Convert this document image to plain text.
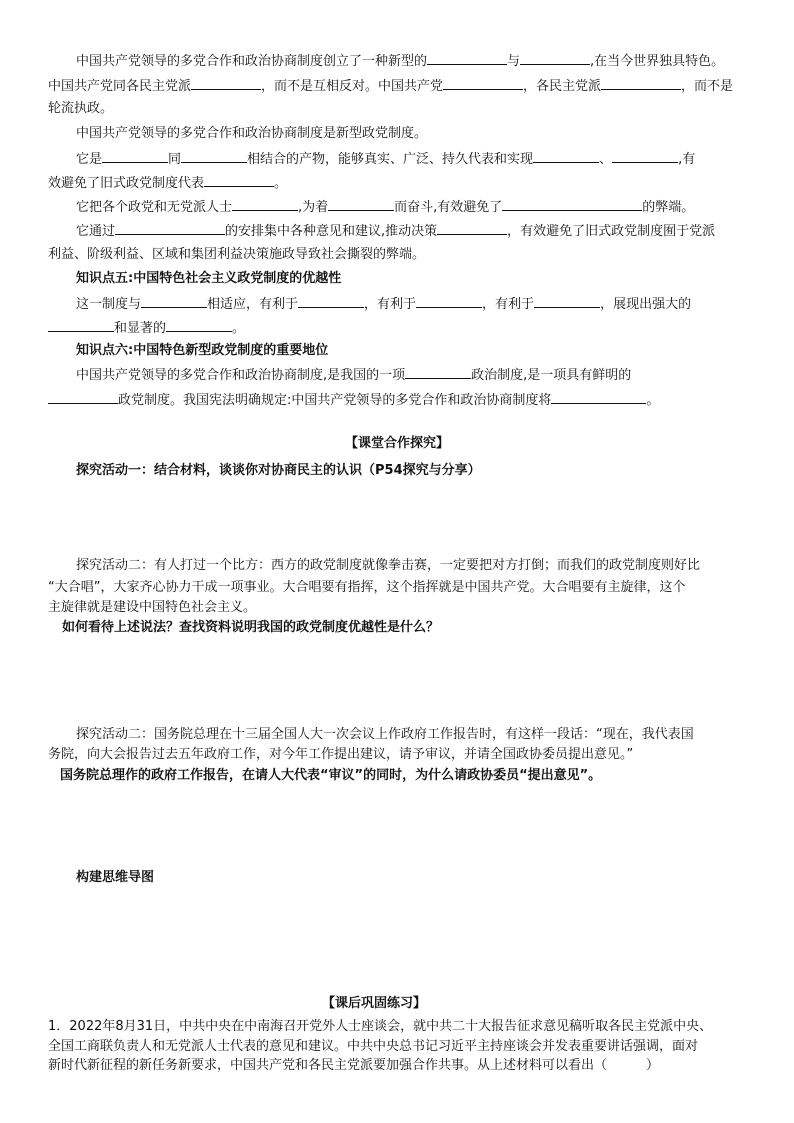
中国共产党领导的多党合作和政治协商制度创立了一种新型的	与	,在当今世界独具特色。
中国共产党同各民主党派	，而不是互相反对。中国共产党	，各民主党派	，而不是
轮流执政。
中国共产党领导的多党合作和政治协商制度是新型政党制度。
它是	同	相结合的产物，能够真实、广泛、持久代表和实现	、	,有
效避免了旧式政党制度代表	。
它把各个政党和无党派人士	,为着	而奋斗,有效避免了	的弊端。
它通过	的安排集中各种意见和建议,推动决策	，有效避免了旧式政党制度囿于党派
利益、阶级利益、区域和集团利益决策施政导致社会撕裂的弊端。
知识点五:中国特色社会主义政党制度的优越性
这一制度与	相适应，有利于	，有利于	，有利于	，展现出强大的
和显著的	。
知识点六:中国特色新型政党制度的重要地位
中国共产党领导的多党合作和政治协商制度,是我国的一项	政治制度,是一项具有鲜明的
政党制度。我国宪法明确规定:中国共产党领导的多党合作和政治协商制度将	。
【课堂合作探究】
探究活动一：结合材料，谈谈你对协商民主的认识（P54探究与分享）
探究活动二：有人打过一个比方：西方的政党制度就像拳击赛，一定要把对方打倒；而我们的政党制度则好比
“大合唱”，大家齐心协力干成一项事业。大合唱要有指挥，这个指挥就是中国共产党。大合唱要有主旋律，这个
主旋律就是建设中国特色社会主义。
如何看待上述说法？查找资料说明我国的政党制度优越性是什么？
探究活动二：国务院总理在十三届全国人大一次会议上作政府工作报告时，有这样一段话：“现在，我代表国
务院，向大会报告过去五年政府工作，对今年工作提出建议，请予审议，并请全国政协委员提出意见。”
国务院总理作的政府工作报告，在请人大代表“审议”的同时，为什么请政协委员“提出意见”。
构建思维导图
【课后巩固练习】
1．2022年8月31日，中共中央在中南海召开党外人士座谈会，就中共二十大报告征求意见稿听取各民主党派中央、
全国工商联负责人和无党派人士代表的意见和建议。中共中央总书记习近平主持座谈会并发表重要讲话强调，面对
新时代新征程的新任务新要求，中国共产党和各民主党派要加强合作共事。从上述材料可以看出（　　　）
